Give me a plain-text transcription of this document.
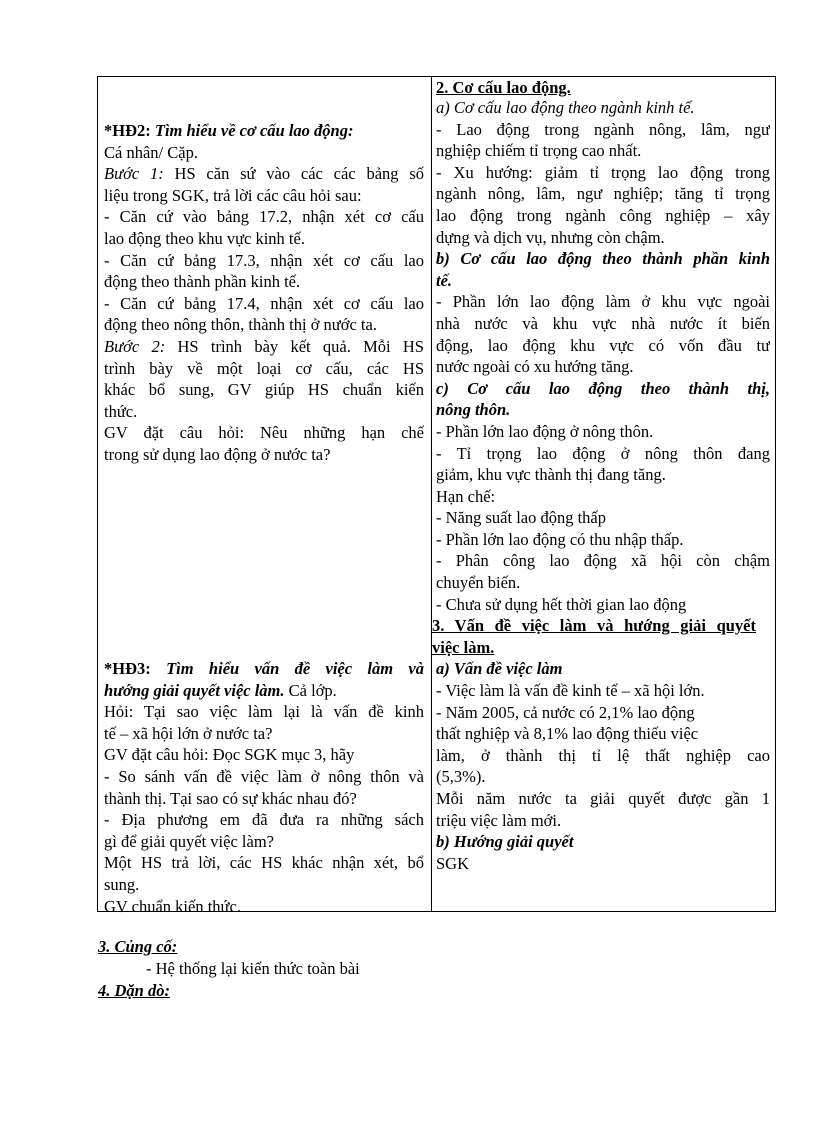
*HĐ2: Tìm hiểu về cơ cấu lao động:
Cá nhân/ Cặp.
Bước 1: HS căn sứ vào các các bảng số
liệu trong SGK, trả lời các câu hỏi sau:
- Căn cứ vào bảng 17.2, nhận xét cơ cấu
lao động theo khu vực kinh tế.
- Căn cứ bảng 17.3, nhận xét cơ cấu lao
động theo thành phần kinh tế.
- Căn cứ bảng 17.4, nhận xét cơ cấu lao
động theo nông thôn, thành thị ở nước ta.
Bước 2: HS trình bày kết quả. Mỗi HS
trình bày về một loại cơ cấu, các HS
khác bổ sung, GV giúp HS chuẩn kiến
thức.
GV đặt câu hỏi: Nêu những hạn chế
trong sử dụng lao động ở nước ta?
*HĐ3: Tìm hiểu vấn đề việc làm và
hướng giải quyết việc làm. Cả lớp.
Hỏi: Tại sao việc làm lại là vấn đề kinh
tế – xã hội lớn ở nước ta?
GV đặt câu hỏi: Đọc SGK mục 3, hãy
- So sánh vấn đề việc làm ở nông thôn và
thành thị. Tại sao có sự khác nhau đó?
- Địa phương em đã đưa ra những sách
gì để giải quyết việc làm?
Một HS trả lời, các HS khác nhận xét, bổ
sung.
GV chuẩn kiến thức.
2. Cơ cấu lao động.
a) Cơ cấu lao động theo ngành kinh tế.
- Lao động trong ngành nông, lâm, ngư
nghiệp chiếm tỉ trọng cao nhất.
- Xu hướng: giảm tỉ trọng lao động trong
ngành nông, lâm, ngư nghiệp; tăng tỉ trọng
lao động trong ngành công nghiệp – xây
dựng và dịch vụ, nhưng còn chậm.
b) Cơ cấu lao động theo thành phần kinh
tế.
- Phần lớn lao động làm ở khu vực ngoài
nhà nước và khu vực nhà nước ít biến
động, lao động khu vực có vốn đầu tư
nước ngoài có xu hướng tăng.
c) Cơ cấu lao động theo thành thị,
nông thôn.
- Phần lớn lao động ở nông thôn.
- Tỉ trọng lao động ở nông thôn đang
giảm, khu vực thành thị đang tăng.
Hạn chế:
- Năng suất lao động thấp
- Phần lớn lao động có thu nhập thấp.
- Phân công lao động xã hội còn chậm
chuyển biến.
- Chưa sử dụng hết thời gian lao động
3. Vấn đề việc làm và hướng giải quyết
việc làm.
a) Vấn đề việc làm
- Việc làm là vấn đề kinh tế – xã hội lớn.
- Năm 2005, cả nước có 2,1% lao động
thất nghiệp và 8,1% lao động thiếu việc
làm, ở thành thị tỉ lệ thất nghiệp cao
(5,3%).
Mỗi năm nước ta giải quyết được gần 1
triệu việc làm mới.
b) Hướng giải quyết
SGK
3. Củng cố:
- Hệ thống lại kiến thức toàn bài
4. Dặn dò:
